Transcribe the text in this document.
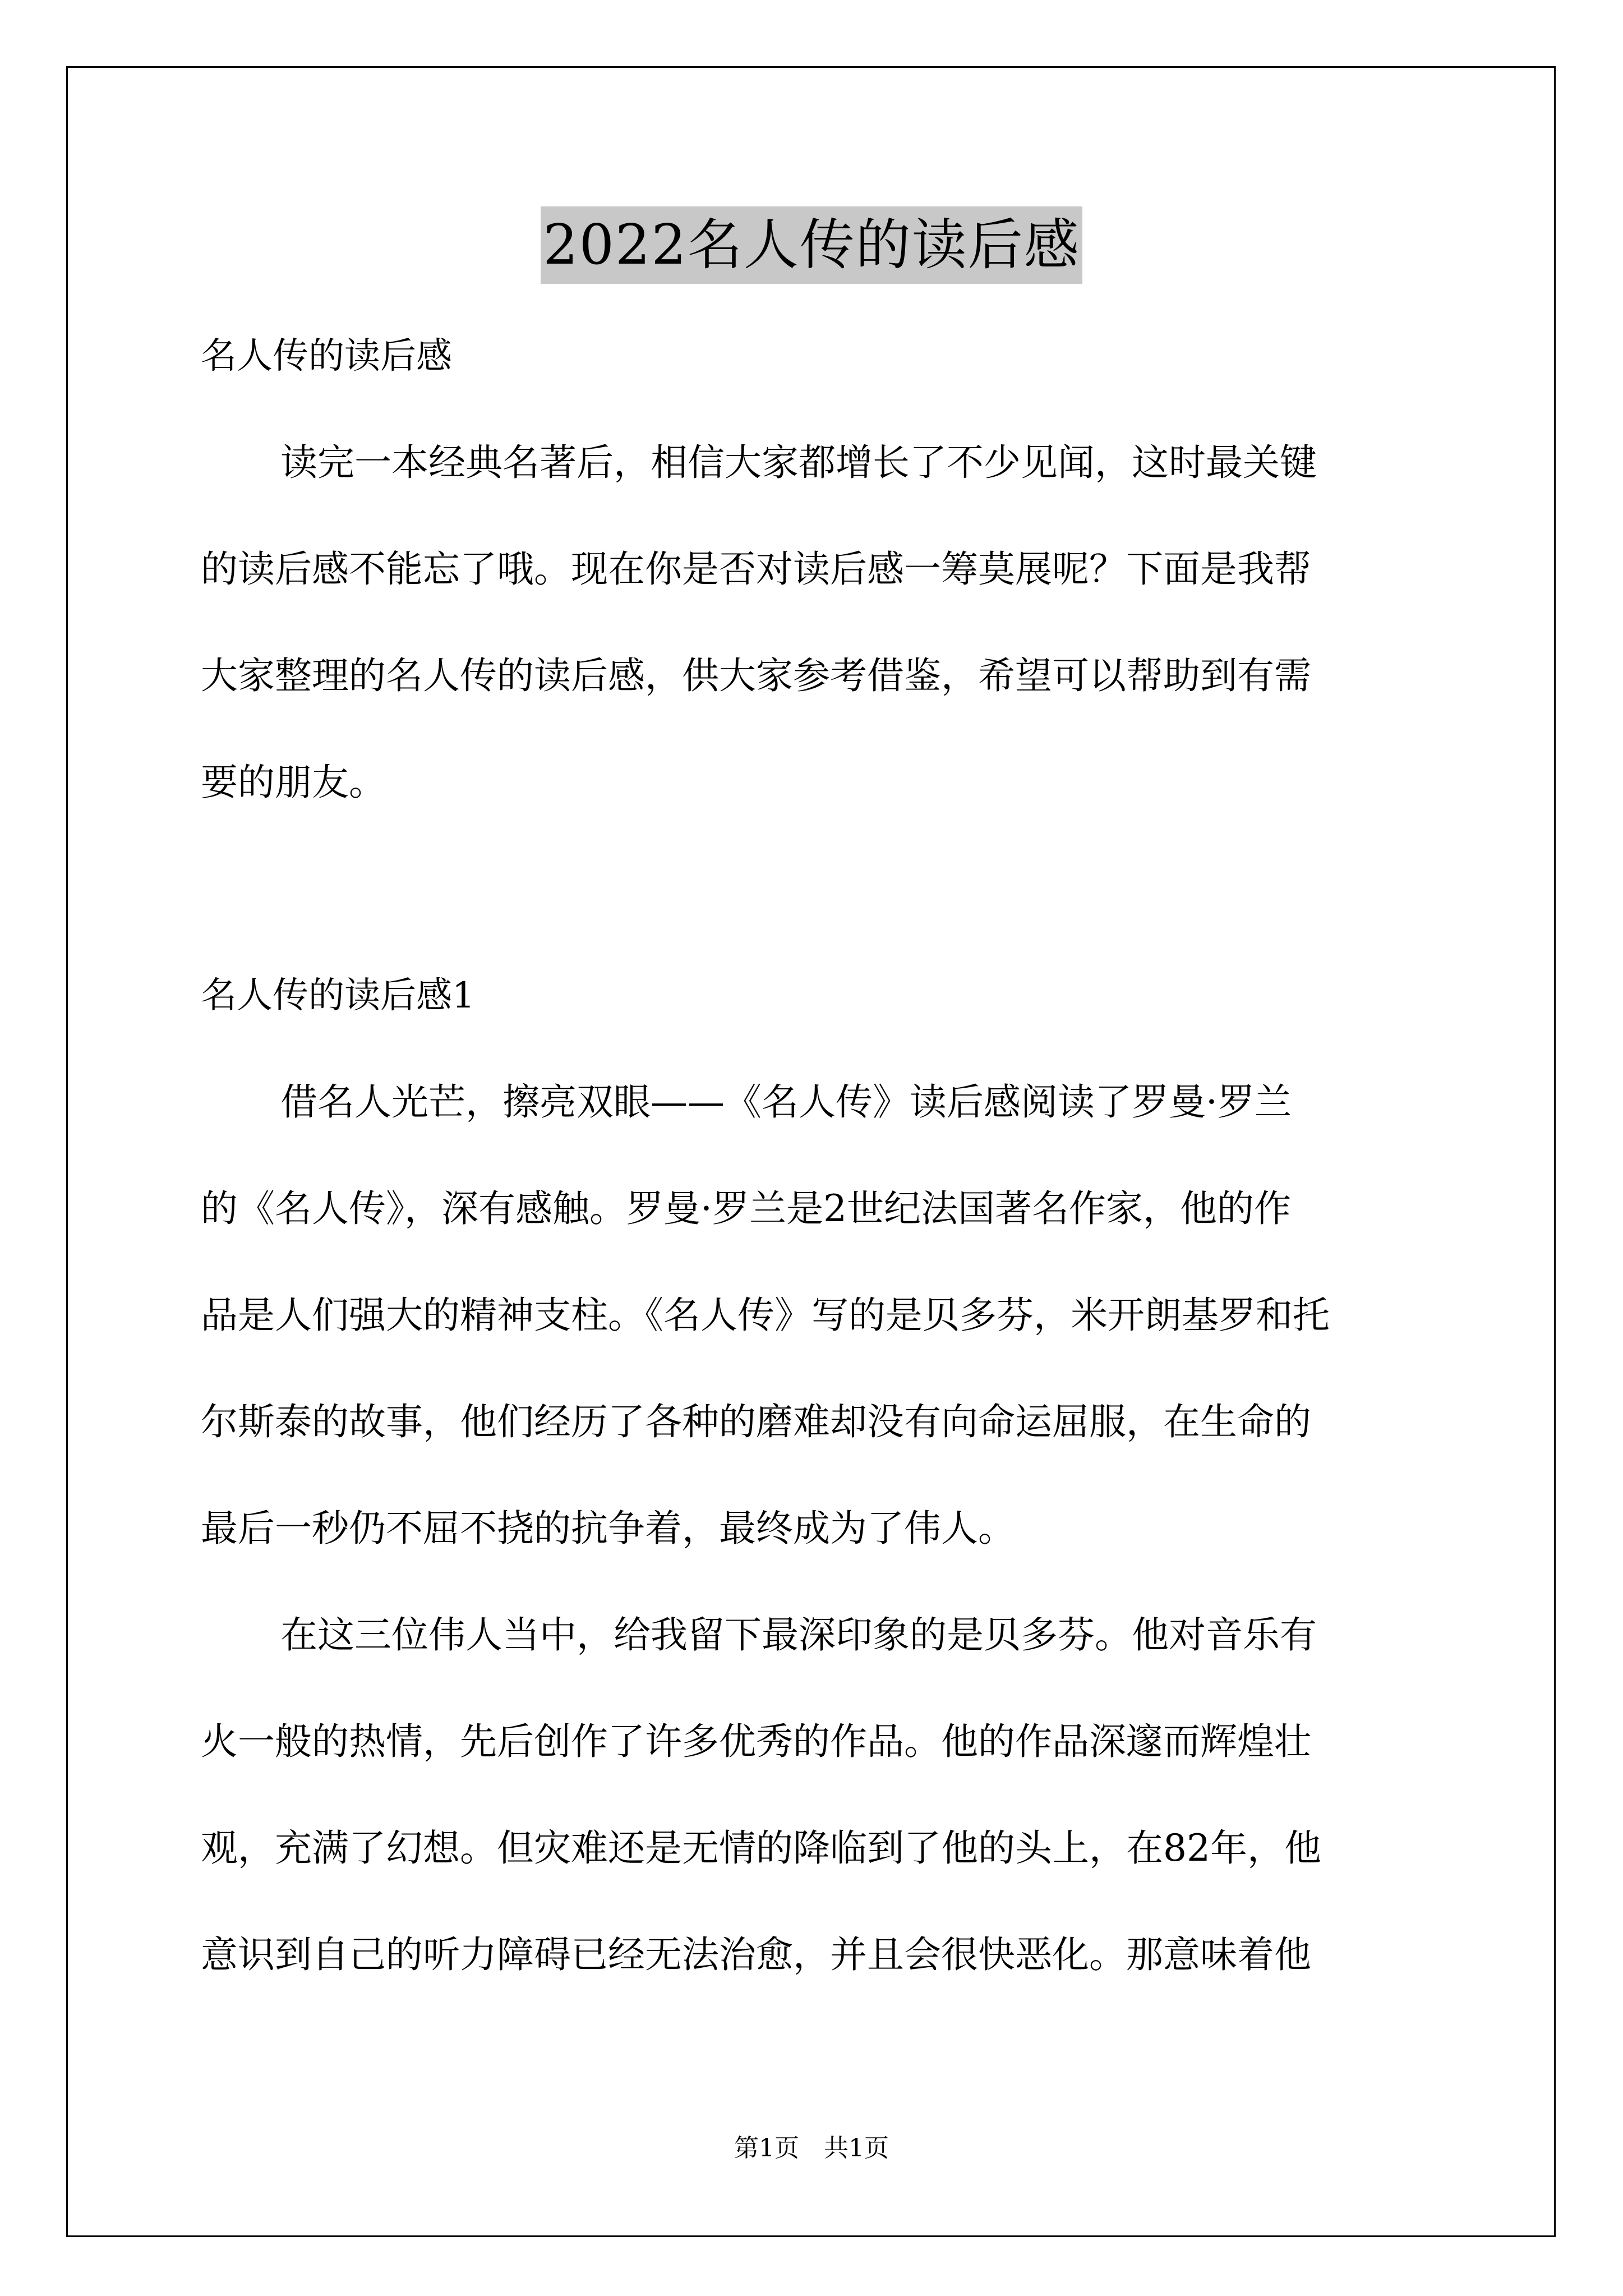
2022名人传的读后感
名人传的读后感

读完一本经典名著后，相信大家都增长了不少见闻，这时最关键
的读后感不能忘了哦。现在你是否对读后感一筹莫展呢？下面是我帮
大家整理的名人传的读后感，供大家参考借鉴，希望可以帮助到有需
要的朋友。

名人传的读后感1

借名人光芒，擦亮双眼——《名人传》读后感阅读了罗曼·罗兰
的《名人传》，深有感触。罗曼·罗兰是2世纪法国著名作家，他的作
品是人们强大的精神支柱。《名人传》写的是贝多芬，米开朗基罗和托
尔斯泰的故事，他们经历了各种的磨难却没有向命运屈服，在生命的
最后一秒仍不屈不挠的抗争着，最终成为了伟人。

在这三位伟人当中，给我留下最深印象的是贝多芬。他对音乐有
火一般的热情，先后创作了许多优秀的作品。他的作品深邃而辉煌壮
观，充满了幻想。但灾难还是无情的降临到了他的头上，在82年，他
意识到自己的听力障碍已经无法治愈，并且会很快恶化。那意味着他

第1页　共1页
